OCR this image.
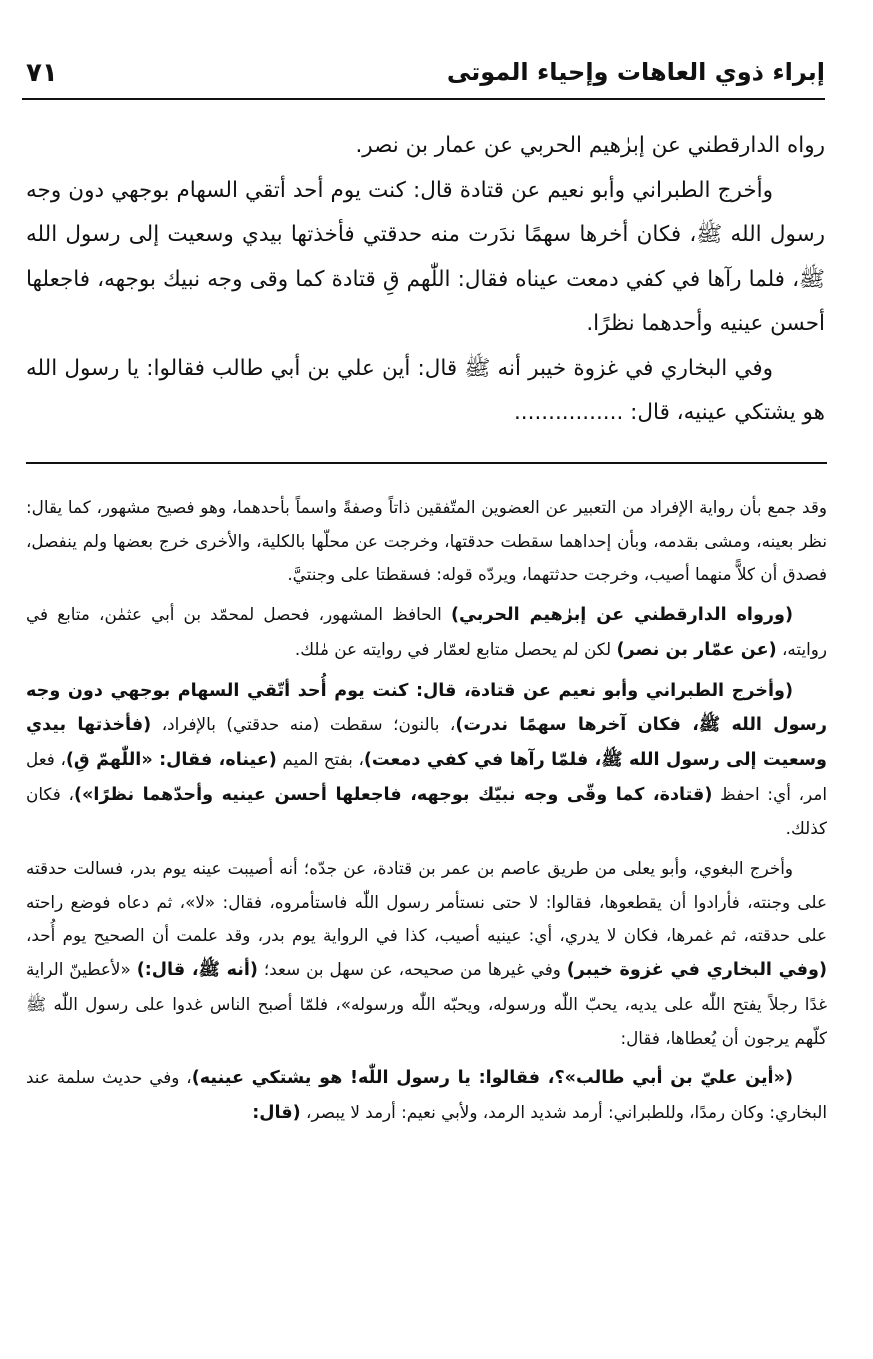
إبراء ذوي العاهات وإحياء الموتى
٧١

رواه الدارقطني عن إبرٰهيم الحربي عن عمار بن نصر.

وأخرج الطبراني وأبو نعيم عن قتادة قال: كنت يوم أحد أتقي السهام بوجهي دون وجه رسول الله ﷺ، فكان أخرها سهمًا ندَرت منه حدقتي فأخذتها بيدي وسعيت إلى رسول الله ﷺ، فلما رآها في كفي دمعت عيناه فقال: اللّٰهم قِ قتادة كما وقى وجه نبيك بوجهه، فاجعلها أحسن عينيه وأحدهما نظرًا.

وفي البخاري في غزوة خيبر أنه ﷺ قال: أين علي بن أبي طالب فقالوا: يا رسول الله هو يشتكي عينيه، قال: ................

وقد جمع بأن رواية الإفراد من التعبير عن العضوين المتّفقين ذاتاً وصفةً واسماً بأحدهما، وهو فصيح مشهور، كما يقال: نظر بعينه، ومشى بقدمه، وبأن إحداهما سقطت حدقتها، وخرجت عن محلّها بالكلية، والأخرى خرج بعضها ولم ينفصل، فصدق أن كلاًّ منهما أصيب، وخرجت حدثتهما، ويردّه قوله: فسقطتا على وجنتيَّ.

(ورواه الدارقطني عن إبرٰهيم الحربي) الحافظ المشهور، فحصل لمحمّد بن أبي عثمٰن، متابع في روايته، (عن عمّار بن نصر) لكن لم يحصل متابع لعمّار في روايته عن مٰلك.

(وأخرج الطبراني وأبو نعيم عن قتادة، قال: كنت يوم أُحد أتّقي السهام بوجهي دون وجه رسول الله ﷺ، فكان آخرها سهمًا ندرت)، بالنون؛ سقطت (منه حدقتي) بالإفراد، (فأخذتها بيدي وسعيت إلى رسول الله ﷺ، فلمّا رآها في كفي دمعت)، بفتح الميم (عيناه، فقال: «اللّٰهمّ قِ)، فعل امر، أي: احفظ (قتادة، كما وقّى وجه نبيّك بوجهه، فاجعلها أحسن عينيه وأحدّهما نظرًا»)، فكان كذلك.

وأخرج البغوي، وأبو يعلى من طريق عاصم بن عمر بن قتادة، عن جدّه؛ أنه أصيبت عينه يوم بدر، فسالت حدقته على وجنته، فأرادوا أن يقطعوها، فقالوا: لا حتى نستأمر رسول اللّٰه فاستأمروه، فقال: «لا»، ثم دعاه فوضع راحته على حدقته، ثم غمرها، فكان لا يدري، أي: عينيه أصيب، كذا في الرواية يوم بدر، وقد علمت أن الصحيح يوم أُحد، (وفي البخاري في غزوة خيبر) وفي غيرها من صحيحه، عن سهل بن سعد؛ (أنه ﷺ، قال:) «لأعطينّ الراية غدًا رجلاً يفتح اللّٰه على يديه، يحبّ اللّٰه ورسوله، ويحبّه اللّٰه ورسوله»، فلمّا أصبح الناس غدوا على رسول اللّٰه ﷺ كلّهم يرجون أن يُعطاها، فقال:

(«أين عليّ بن أبي طالب»؟، فقالوا: يا رسول اللّٰه! هو يشتكي عينيه)، وفي حديث سلمة عند البخاري: وكان رمدًا، وللطبراني: أرمد شديد الرمد، ولأبي نعيم: أرمد لا يبصر، (قال:
